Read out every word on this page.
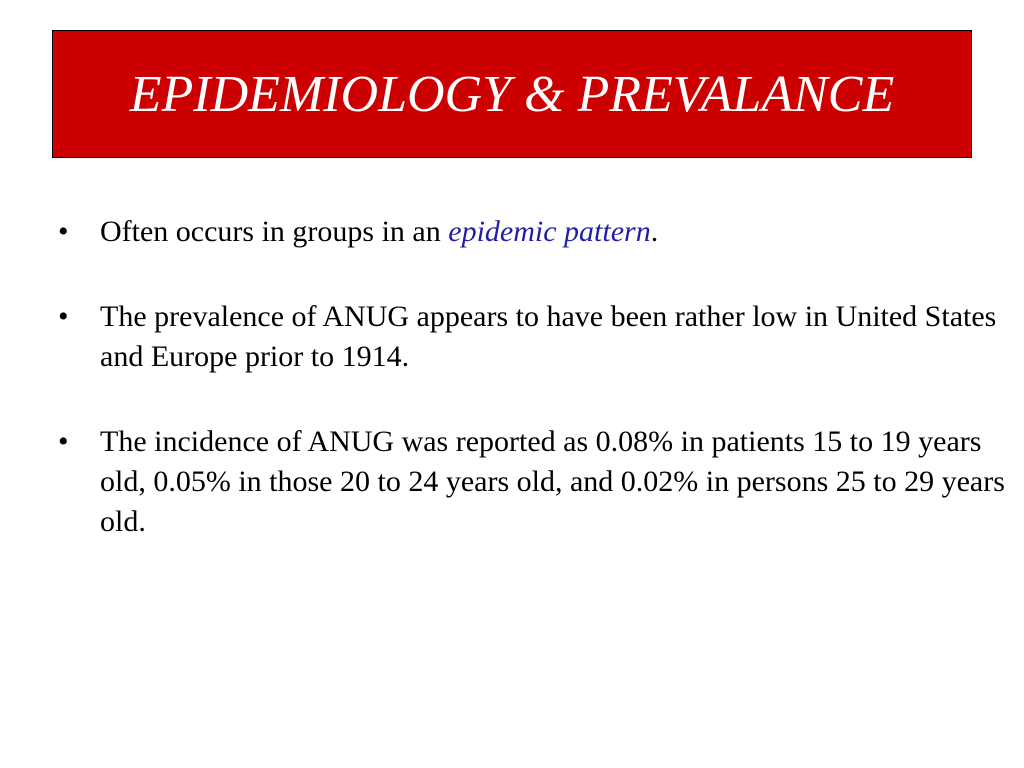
EPIDEMIOLOGY & PREVALANCE
•	Often occurs in groups in an epidemic pattern.
•	The prevalence of ANUG appears to have been rather low in United States and Europe prior to 1914.
•	The incidence of ANUG was reported as 0.08% in patients 15 to 19 years old, 0.05% in those 20 to 24 years old, and 0.02% in persons 25 to 29 years old.
